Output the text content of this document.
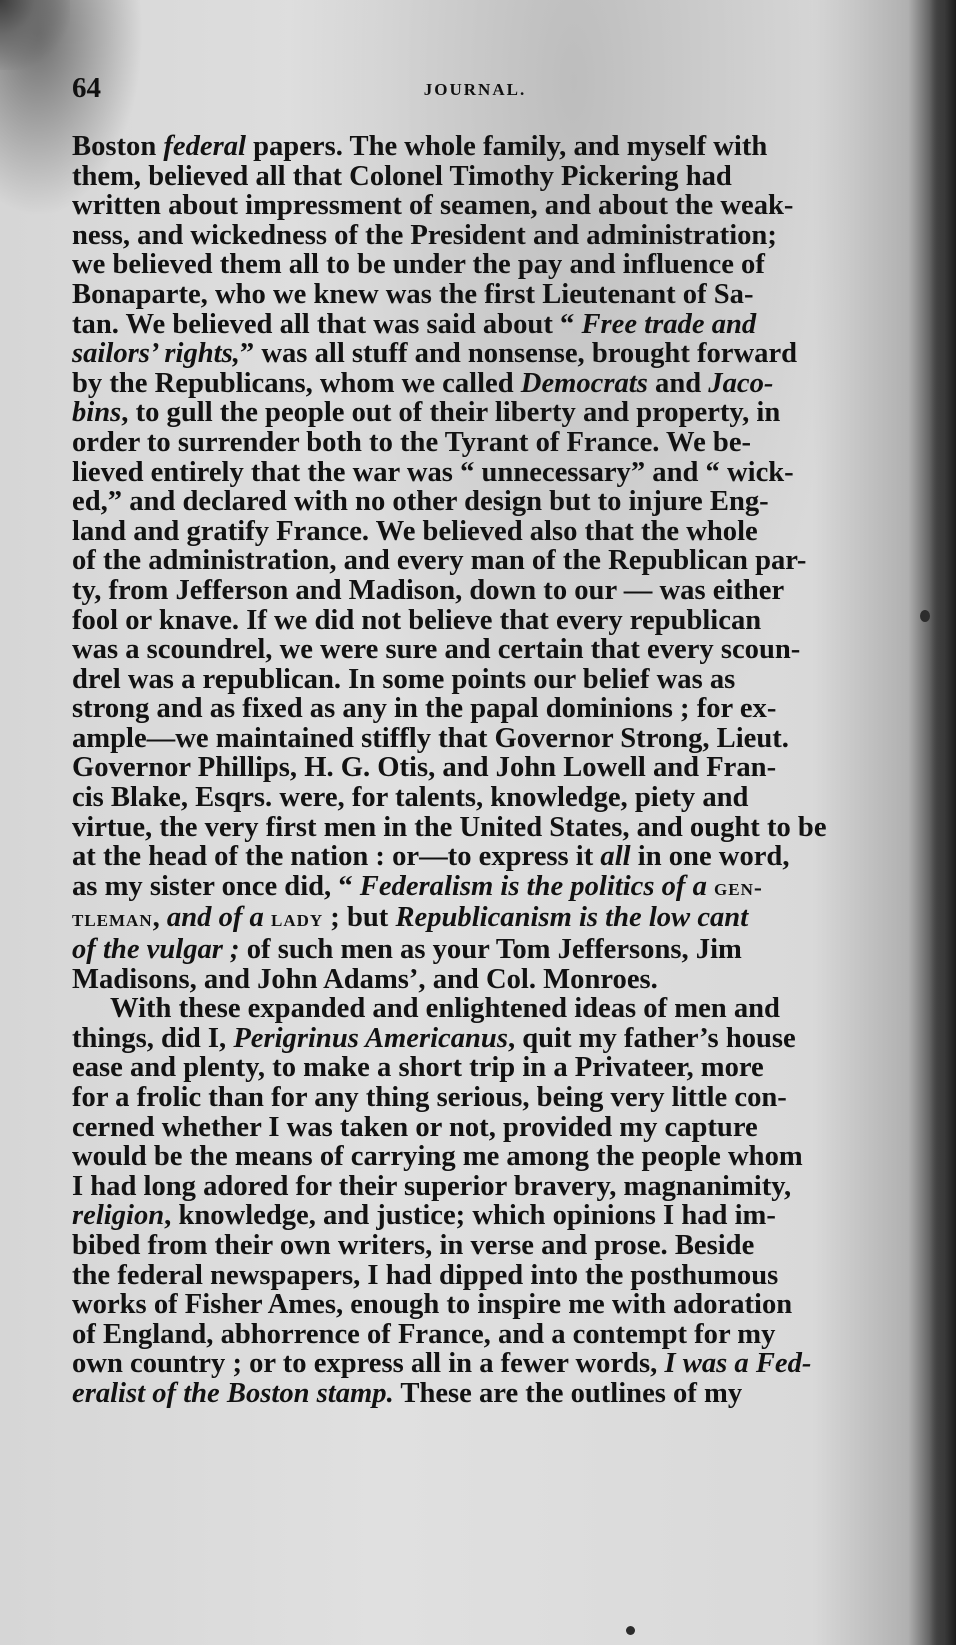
64	JOURNAL.
Boston federal papers. The whole family, and myself with
them, believed all that Colonel Timothy Pickering had
written about impressment of seamen, and about the weak-
ness, and wickedness of the President and administration;
we believed them all to be under the pay and influence of
Bonaparte, who we knew was the first Lieutenant of Sa-
tan. We believed all that was said about “ Free trade and
sailors’ rights,” was all stuff and nonsense, brought forward
by the Republicans, whom we called Democrats and Jaco-
bins, to gull the people out of their liberty and property, in
order to surrender both to the Tyrant of France. We be-
lieved entirely that the war was “ unnecessary” and “ wick-
ed,” and declared with no other design but to injure Eng-
land and gratify France. We believed also that the whole
of the administration, and every man of the Republican par-
ty, from Jefferson and Madison, down to our — was either
fool or knave. If we did not believe that every republican
was a scoundrel, we were sure and certain that every scoun-
drel was a republican. In some points our belief was as
strong and as fixed as any in the papal dominions ; for ex-
ample—we maintained stiffly that Governor Strong, Lieut.
Governor Phillips, H. G. Otis, and John Lowell and Fran-
cis Blake, Esqrs. were, for talents, knowledge, piety and
virtue, the very first men in the United States, and ought to be
at the head of the nation : or—to express it all in one word,
as my sister once did, “ Federalism is the politics of a gen-
tleman, and of a lady ; but Republicanism is the low cant
of the vulgar ; of such men as your Tom Jeffersons, Jim
Madisons, and John Adams’, and Col. Monroes.
With these expanded and enlightened ideas of men and
things, did I, Perigrinus Americanus, quit my father’s house
ease and plenty, to make a short trip in a Privateer, more
for a frolic than for any thing serious, being very little con-
cerned whether I was taken or not, provided my capture
would be the means of carrying me among the people whom
I had long adored for their superior bravery, magnanimity,
religion, knowledge, and justice; which opinions I had im-
bibed from their own writers, in verse and prose. Beside
the federal newspapers, I had dipped into the posthumous
works of Fisher Ames, enough to inspire me with adoration
of England, abhorrence of France, and a contempt for my
own country ; or to express all in a fewer words, I was a Fed-
eralist of the Boston stamp. These are the outlines of my
